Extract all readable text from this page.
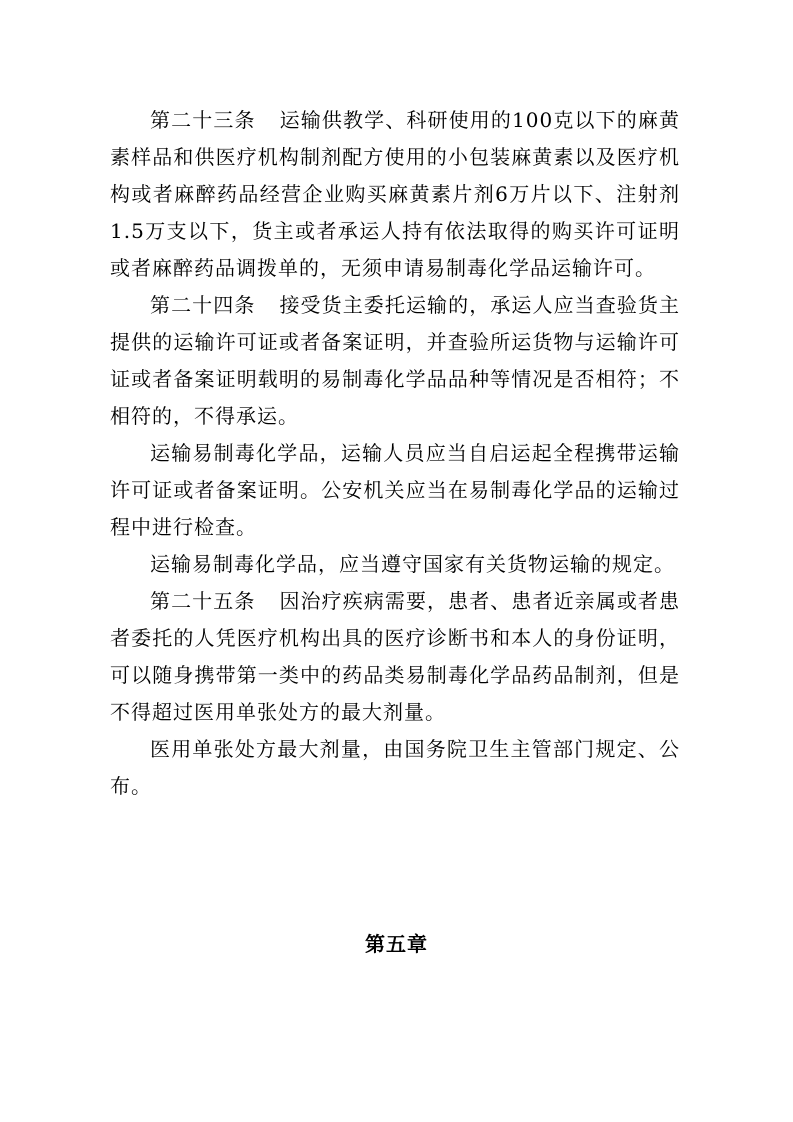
第二十三条 运输供教学、科研使用的100克以下的麻黄素样品和供医疗机构制剂配方使用的小包装麻黄素以及医疗机构或者麻醉药品经营企业购买麻黄素片剂6万片以下、注射剂1.5万支以下，货主或者承运人持有依法取得的购买许可证明或者麻醉药品调拨单的，无须申请易制毒化学品运输许可。

第二十四条 接受货主委托运输的，承运人应当查验货主提供的运输许可证或者备案证明，并查验所运货物与运输许可证或者备案证明载明的易制毒化学品品种等情况是否相符；不相符的，不得承运。

运输易制毒化学品，运输人员应当自启运起全程携带运输许可证或者备案证明。公安机关应当在易制毒化学品的运输过程中进行检查。

运输易制毒化学品，应当遵守国家有关货物运输的规定。

第二十五条 因治疗疾病需要，患者、患者近亲属或者患者委托的人凭医疗机构出具的医疗诊断书和本人的身份证明，可以随身携带第一类中的药品类易制毒化学品药品制剂，但是不得超过医用单张处方的最大剂量。

医用单张处方最大剂量，由国务院卫生主管部门规定、公布。

第五章
